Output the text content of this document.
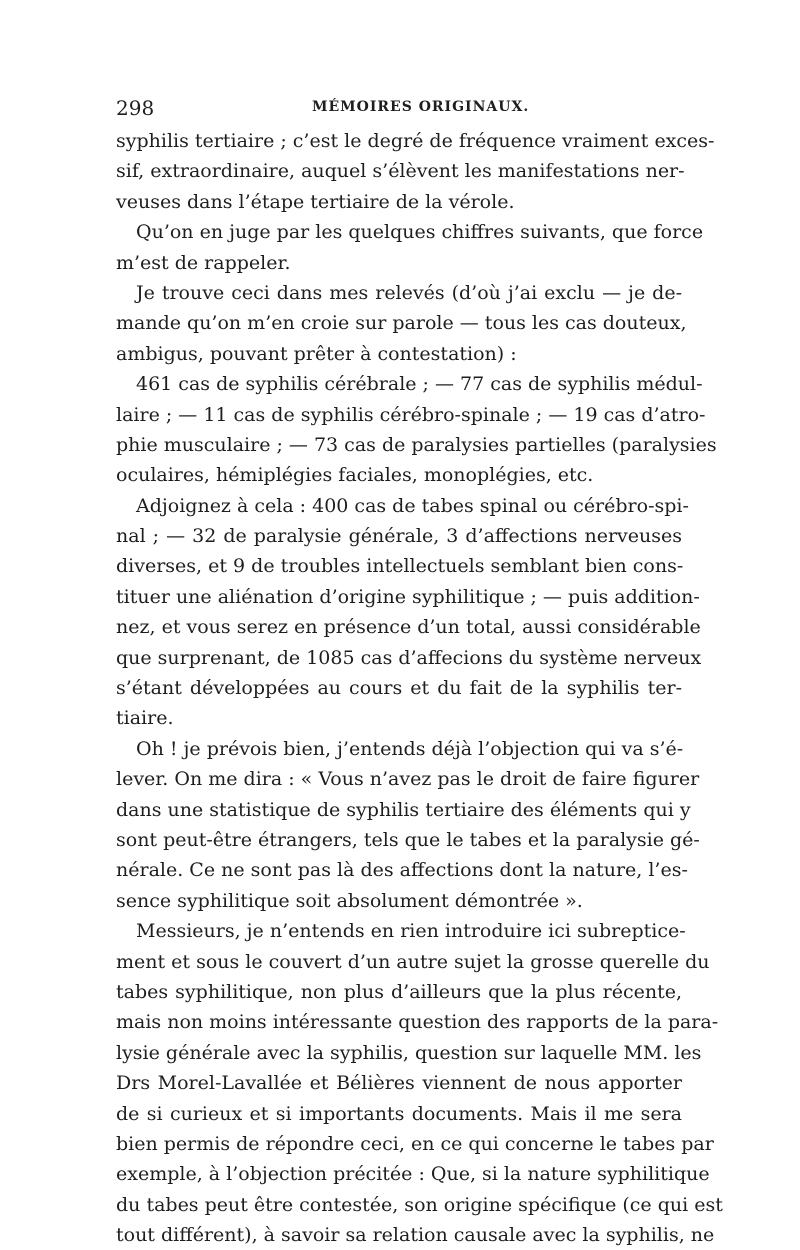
298	MÉMOIRES ORIGINAUX.
syphilis tertiaire ; c’est le degré de fréquence vraiment exces-
sif, extraordinaire, auquel s’élèvent les manifestations ner-
veuses dans l’étape tertiaire de la vérole.
Qu’on en juge par les quelques chiffres suivants, que force
m’est de rappeler.
Je trouve ceci dans mes relevés (d’où j’ai exclu — je de-
mande qu’on m’en croie sur parole — tous les cas douteux,
ambigus, pouvant prêter à contestation) :
461 cas de syphilis cérébrale ; — 77 cas de syphilis médul-
laire ; — 11 cas de syphilis cérébro-spinale ; — 19 cas d’atro-
phie musculaire ; — 73 cas de paralysies partielles (paralysies
oculaires, hémiplégies faciales, monoplégies, etc.
Adjoignez à cela : 400 cas de tabes spinal ou cérébro-spi-
nal ; — 32 de paralysie générale, 3 d’affections nerveuses
diverses, et 9 de troubles intellectuels semblant bien cons-
tituer une aliénation d’origine syphilitique ; — puis addition-
nez, et vous serez en présence d’un total, aussi considérable
que surprenant, de 1085 cas d’affecions du système nerveux
s’étant développées au cours et du fait de la syphilis ter-
tiaire.
Oh ! je prévois bien, j’entends déjà l’objection qui va s’é-
lever. On me dira : « Vous n’avez pas le droit de faire figurer
dans une statistique de syphilis tertiaire des éléments qui y
sont peut-être étrangers, tels que le tabes et la paralysie gé-
nérale. Ce ne sont pas là des affections dont la nature, l’es-
sence syphilitique soit absolument démontrée ».
Messieurs, je n’entends en rien introduire ici subreptice-
ment et sous le couvert d’un autre sujet la grosse querelle du
tabes syphilitique, non plus d’ailleurs que la plus récente,
mais non moins intéressante question des rapports de la para-
lysie générale avec la syphilis, question sur laquelle MM. les
Drs Morel-Lavallée et Bélières viennent de nous apporter
de si curieux et si importants documents. Mais il me sera
bien permis de répondre ceci, en ce qui concerne le tabes par
exemple, à l’objection précitée : Que, si la nature syphilitique
du tabes peut être contestée, son origine spécifique (ce qui est
tout différent), à savoir sa relation causale avec la syphilis, ne
